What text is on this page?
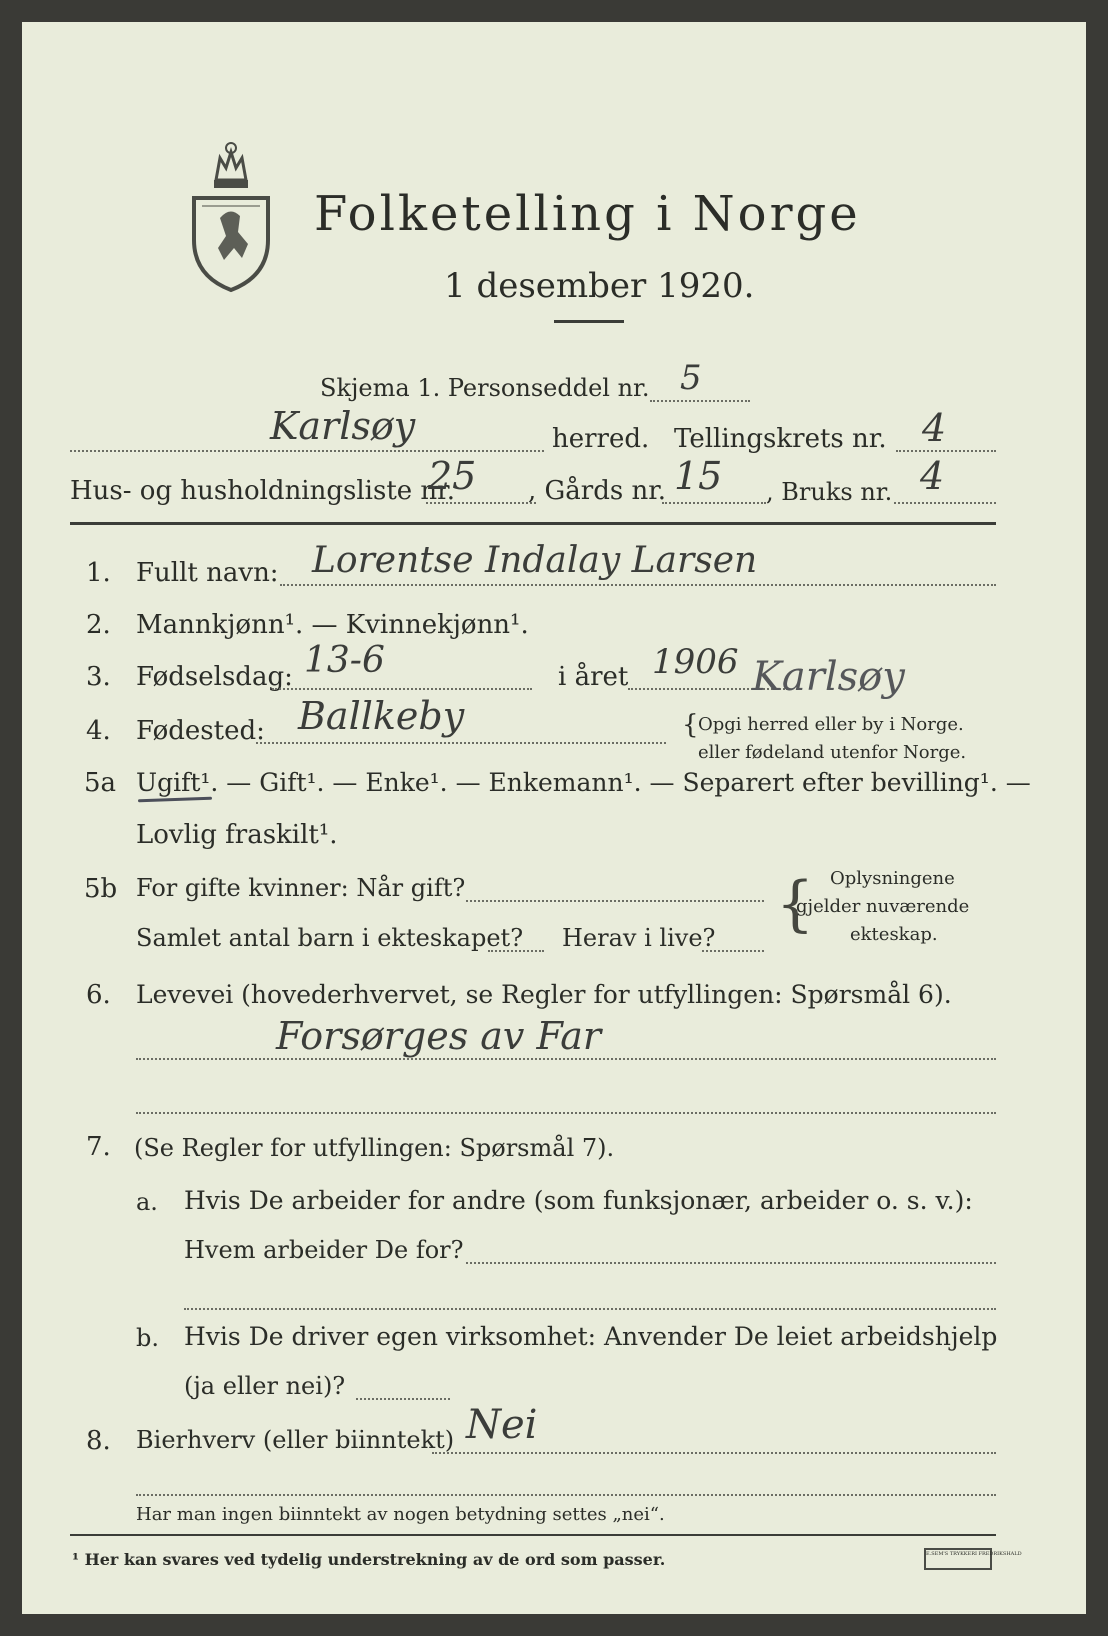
Folketelling i Norge
1 desember 1920.
Skjema 1. Personseddel nr. 5
Karlsøy	herred. Tellingskrets nr. 4
Hus- og husholdningsliste nr.
25 , Gårds nr. 15 , Bruks nr. 4
1. Fullt navn: Lorentse Indalay Larsen
2. Mannkjønn¹. — Kvinnekjønn¹.
3. Fødselsdag: 13-6	i året 1906
4. Fødested: Ballkeby
Karlsøy
{ Opgi herred eller by i Norge.
eller fødeland utenfor Norge.
5a Ugift¹. — Gift¹. — Enke¹. — Enkemann¹. — Separert efter bevilling¹. —
Lovlig fraskilt¹.
5b For gifte kvinner: Når gift?
Samlet antal barn i ekteskapet? Herav i live? { Oplysningene
gjelder nuværende
ekteskap.
6. Levevei (hovederhvervet, se Regler for utfyllingen: Spørsmål 6).
Forsørges av Far
7. (Se Regler for utfyllingen: Spørsmål 7).
a. Hvis De arbeider for andre (som funksjonær, arbeider o. s. v.):
Hvem arbeider De for?
b. Hvis De driver egen virksomhet: Anvender De leiet arbeidshjelp
(ja eller nei)?
8. Bierhverv (eller biinntekt) Nei
Har man ingen biinntekt av nogen betydning settes „nei“.
¹ Her kan svares ved tydelig understrekning av de ord som passer.	E.SEM'S TRYKKERI FREDRIKSHALD
